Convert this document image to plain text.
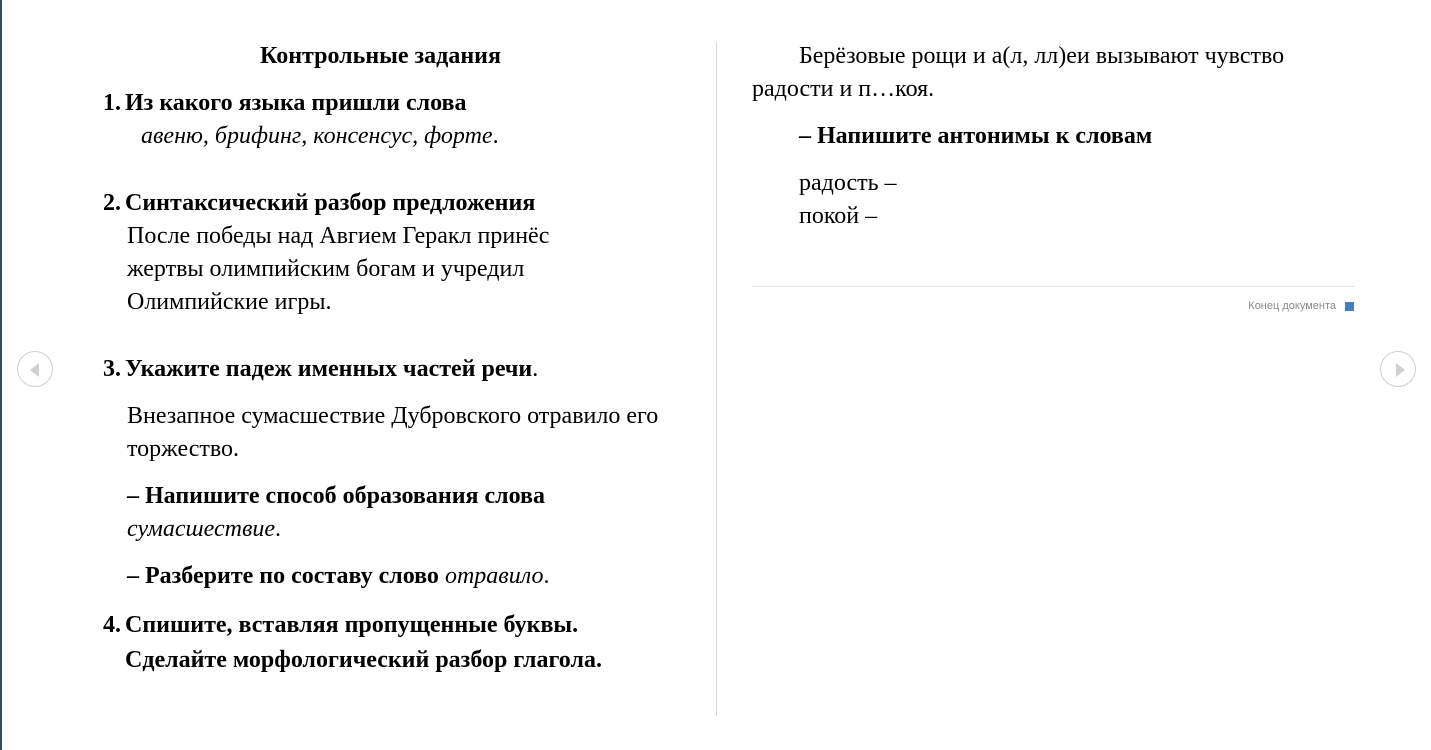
Контрольные задания
1. Из какого языка пришли слова

авеню, брифинг, консенсус, форте.

2. Синтаксический разбор предложения

После победы над Авгием Геракл принёс жертвы олимпийским богам и учредил Олимпийские игры.

3. Укажите падеж именных частей речи.

Внезапное сумасшествие Дубровского отравило его торжество.

– Напишите способ образования слова
сумасшествие.

– Разберите по составу слово отравило.

4. Спишите, вставляя пропущенные буквы.
Сделайте морфологический разбор глагола.

Берёзовые рощи и а(л, лл)еи вызывают чувство радости и п…коя.

– Напишите антонимы к словам

радость –
покой –
Конец документа
